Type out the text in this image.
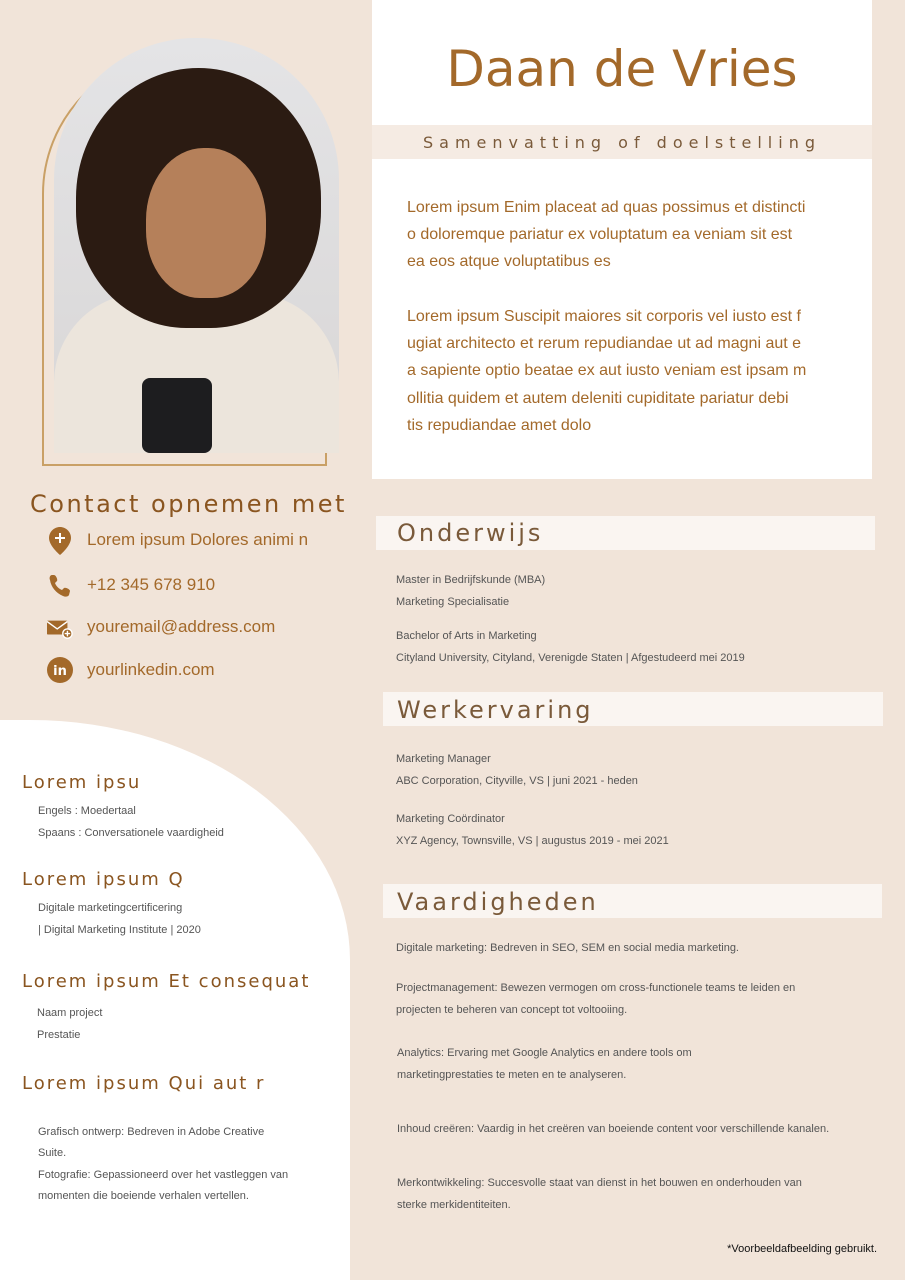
Daan de Vries
Samenvatting of doelstelling
Lorem ipsum Enim placeat ad quas possimus et distincti
o doloremque pariatur ex voluptatum ea veniam sit est
ea eos atque voluptatibus es
Lorem ipsum Suscipit maiores sit corporis vel iusto est f
ugiat architecto et rerum repudiandae ut ad magni aut e
a sapiente optio beatae ex aut iusto veniam est ipsam m
ollitia quidem et autem deleniti cupiditate pariatur debi
tis repudiandae amet dolo
Contact opnemen met
Lorem ipsum Dolores animi n
+12 345 678 910
youremail@address.com
in yourlinkedin.com
Lorem ipsu
Engels : Moedertaal
Spaans : Conversationele vaardigheid
Lorem ipsum Q
Digitale marketingcertificering
| Digital Marketing Institute | 2020
Lorem ipsum Et consequat
Naam project
Prestatie
Lorem ipsum Qui aut r
Grafisch ontwerp: Bedreven in Adobe Creative
Suite.
Fotografie: Gepassioneerd over het vastleggen van
momenten die boeiende verhalen vertellen.
Onderwijs
Master in Bedrijfskunde (MBA)
Marketing Specialisatie
Bachelor of Arts in Marketing
Cityland University, Cityland, Verenigde Staten | Afgestudeerd mei 2019
Werkervaring
Marketing Manager
ABC Corporation, Cityville, VS | juni 2021 - heden
Marketing Coördinator
XYZ Agency, Townsville, VS | augustus 2019 - mei 2021
Vaardigheden
Digitale marketing: Bedreven in SEO, SEM en social media marketing.
Projectmanagement: Bewezen vermogen om cross-functionele teams te leiden en
projecten te beheren van concept tot voltooiing.
Analytics: Ervaring met Google Analytics en andere tools om
marketingprestaties te meten en te analyseren.
Inhoud creëren: Vaardig in het creëren van boeiende content voor verschillende kanalen.
Merkontwikkeling: Succesvolle staat van dienst in het bouwen en onderhouden van
sterke merkidentiteiten.
*Voorbeeldafbeelding gebruikt.
